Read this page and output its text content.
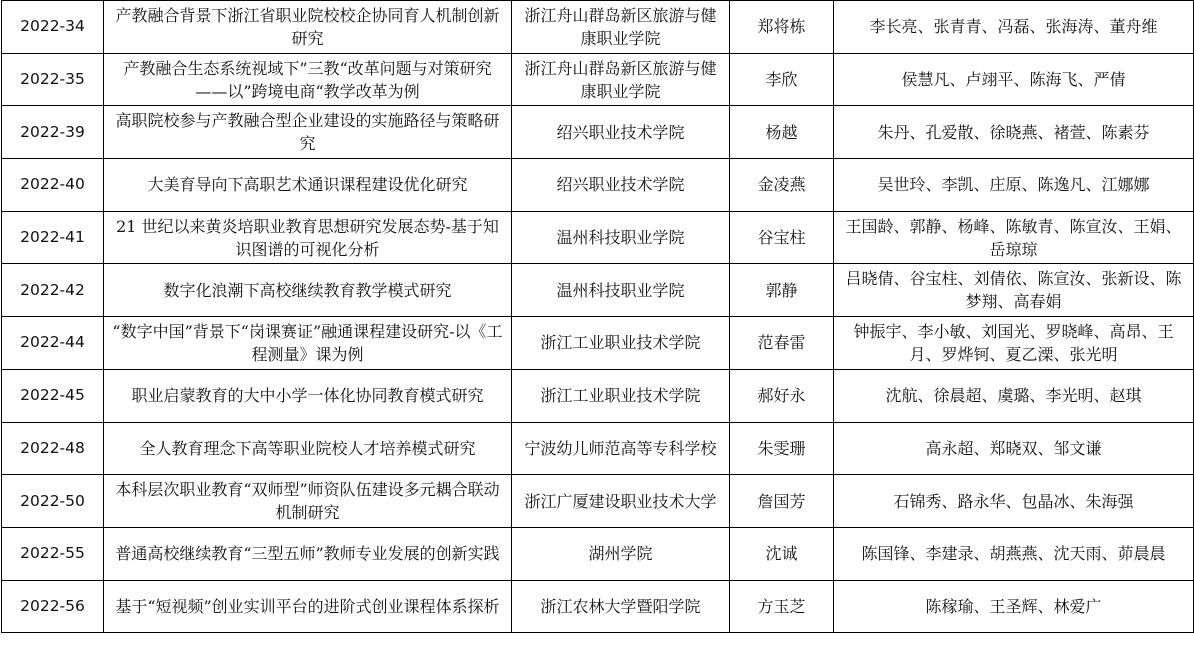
2022-34	产教融合背景下浙江省职业院校校企协同育人机制创新研究	浙江舟山群岛新区旅游与健康职业学院	郑将栋	李长亮、张青青、冯磊、张海涛、董舟维
2022-35	产教融合生态系统视域下”三教“改革问题与对策研究——以”跨境电商“教学改革为例	浙江舟山群岛新区旅游与健康职业学院	李欣	侯慧凡、卢翊平、陈海飞、严倩
2022-39	高职院校参与产教融合型企业建设的实施路径与策略研究	绍兴职业技术学院	杨越	朱丹、孔爱散、徐晓燕、褚萱、陈素芬
2022-40	大美育导向下高职艺术通识课程建设优化研究	绍兴职业技术学院	金凌燕	吴世玲、李凯、庄原、陈逸凡、江娜娜
2022-41	21 世纪以来黄炎培职业教育思想研究发展态势-基于知识图谱的可视化分析	温州科技职业学院	谷宝柱	王国龄、郭静、杨峰、陈敏青、陈宣汝、王娟、岳琼琼
2022-42	数字化浪潮下高校继续教育教学模式研究	温州科技职业学院	郭静	吕晓倩、谷宝柱、刘倩依、陈宣汝、张新设、陈梦翔、高春娟
2022-44	“数字中国”背景下“岗课赛证”融通课程建设研究-以《工程测量》课为例	浙江工业职业技术学院	范春雷	钟振宇、李小敏、刘国光、罗晓峰、高昂、王月、罗烨钶、夏乙溧、张光明
2022-45	职业启蒙教育的大中小学一体化协同教育模式研究	浙江工业职业技术学院	郝好永	沈航、徐晨超、虞璐、李光明、赵琪
2022-48	全人教育理念下高等职业院校人才培养模式研究	宁波幼儿师范高等专科学校	朱雯珊	高永超、郑晓双、邹文谦
2022-50	本科层次职业教育“双师型”师资队伍建设多元耦合联动机制研究	浙江广厦建设职业技术大学	詹国芳	石锦秀、路永华、包晶冰、朱海强
2022-55	普通高校继续教育“三型五师”教师专业发展的创新实践	湖州学院	沈诚	陈国锋、李建录、胡燕燕、沈天雨、茆晨晨
2022-56	基于“短视频”创业实训平台的进阶式创业课程体系探析	浙江农林大学暨阳学院	方玉芝	陈稼瑜、王圣辉、林爱广
